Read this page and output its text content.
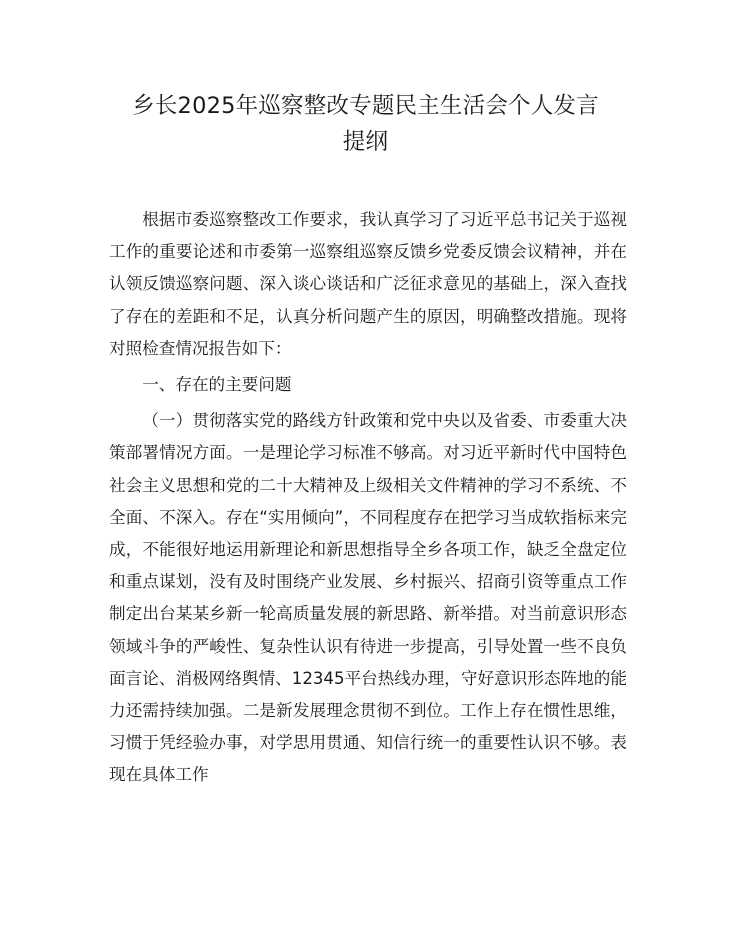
乡长2025年巡察整改专题民主生活会个人发言
提纲

根据市委巡察整改工作要求，我认真学习了习近平总书记关于巡视工作的重要论述和市委第一巡察组巡察反馈乡党委反馈会议精神，并在认领反馈巡察问题、深入谈心谈话和广泛征求意见的基础上，深入查找了存在的差距和不足，认真分析问题产生的原因，明确整改措施。现将对照检查情况报告如下：

一、存在的主要问题

（一）贯彻落实党的路线方针政策和党中央以及省委、市委重大决策部署情况方面。一是理论学习标准不够高。对习近平新时代中国特色社会主义思想和党的二十大精神及上级相关文件精神的学习不系统、不全面、不深入。存在“实用倾向”，不同程度存在把学习当成软指标来完成，不能很好地运用新理论和新思想指导全乡各项工作，缺乏全盘定位和重点谋划，没有及时围绕产业发展、乡村振兴、招商引资等重点工作制定出台某某乡新一轮高质量发展的新思路、新举措。对当前意识形态领域斗争的严峻性、复杂性认识有待进一步提高，引导处置一些不良负面言论、消极网络舆情、12345平台热线办理，守好意识形态阵地的能力还需持续加强。二是新发展理念贯彻不到位。工作上存在惯性思维，习惯于凭经验办事，对学思用贯通、知信行统一的重要性认识不够。表现在具体工作
